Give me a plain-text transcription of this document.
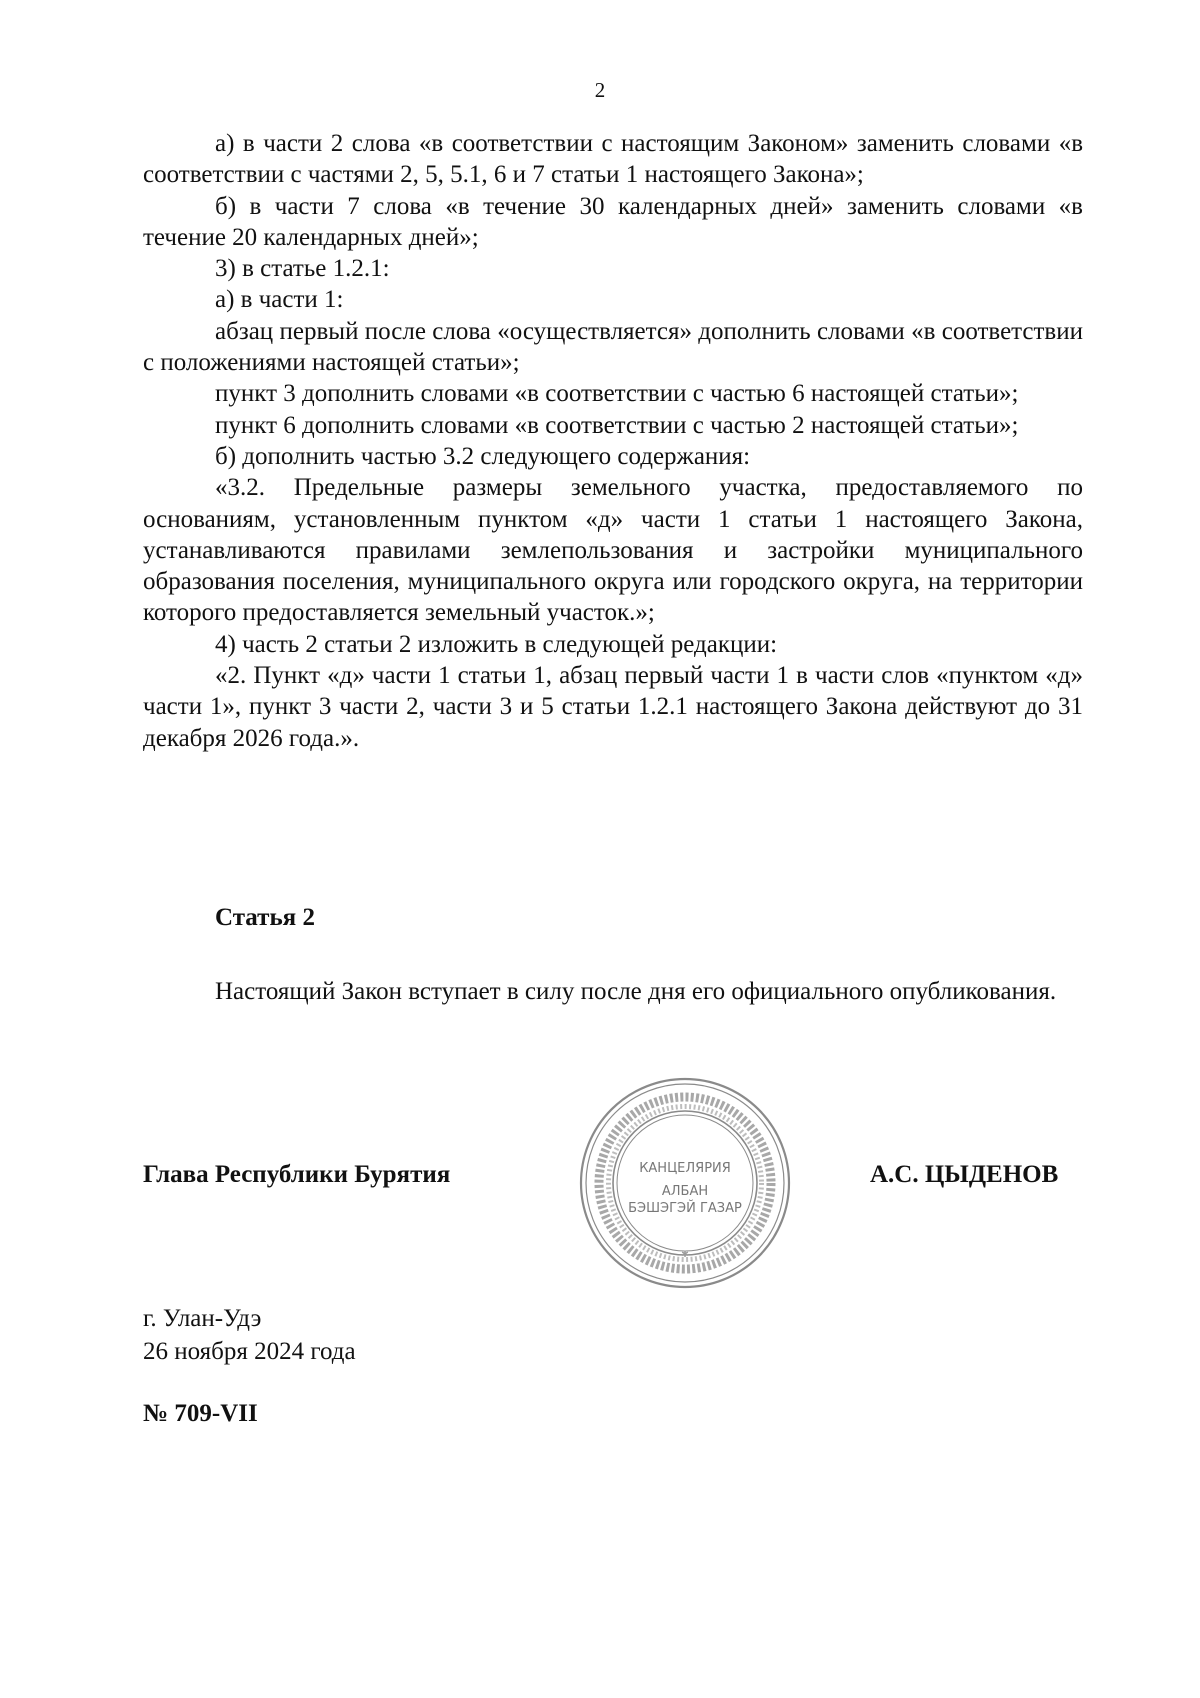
2

а) в части 2 слова «в соответствии с настоящим Законом» заменить словами «в соответствии с частями 2, 5, 5.1, 6 и 7 статьи 1 настоящего Закона»;

б) в части 7 слова «в течение 30 календарных дней» заменить словами «в течение 20 календарных дней»;

3) в статье 1.2.1:

а) в части 1:

абзац первый после слова «осуществляется» дополнить словами «в соответствии с положениями настоящей статьи»;

пункт 3 дополнить словами «в соответствии с частью 6 настоящей статьи»;

пункт 6 дополнить словами «в соответствии с частью 2 настоящей статьи»;

б) дополнить частью 3.2 следующего содержания:

«3.2. Предельные размеры земельного участка, предоставляемого по основаниям, установленным пунктом «д» части 1 статьи 1 настоящего Закона, устанавливаются правилами землепользования и застройки муниципального образования поселения, муниципального округа или городского округа, на территории которого предоставляется земельный участок.»;

4) часть 2 статьи 2 изложить в следующей редакции:

«2. Пункт «д» части 1 статьи 1, абзац первый части 1 в части слов «пунктом «д» части 1», пункт 3 части 2, части 3 и 5 статьи 1.2.1 настоящего Закона действуют до 31 декабря 2026 года.».

Статья 2

Настоящий Закон вступает в силу после дня его официального опубликования.

Глава Республики Бурятия	КАНЦЕЛЯРИЯ
АЛБАН
БЭШЭГЭЙ ГАЗАР
✱
А.С. ЦЫДЕНОВ
г. Улан-Удэ
26 ноября 2024 года
№ 709-VII
